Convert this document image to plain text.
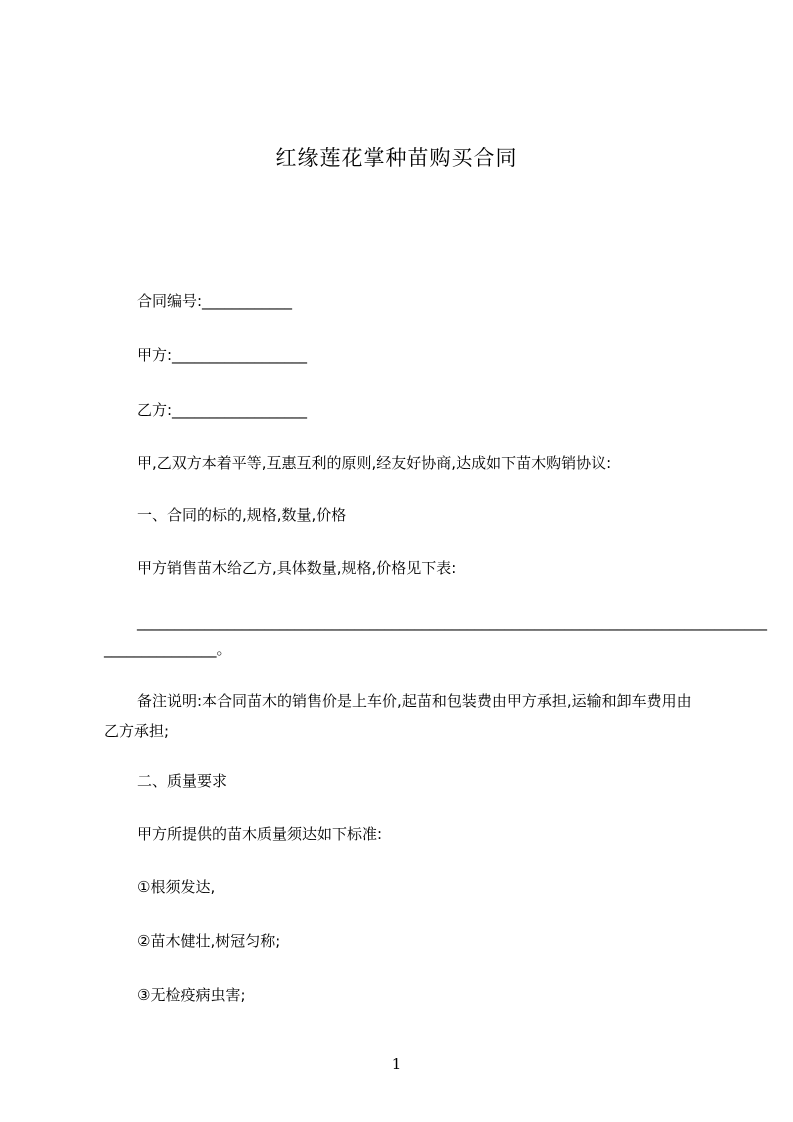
红缘莲花掌种苗购买合同
合同编号:____________
甲方:__________________
乙方:__________________
甲,乙双方本着平等,互惠互利的原则,经友好协商,达成如下苗木购销协议:
一、合同的标的,规格,数量,价格
甲方销售苗木给乙方,具体数量,规格,价格见下表:
____________________________________________________________________________________
_______________。
备注说明:本合同苗木的销售价是上车价,起苗和包装费由甲方承担,运输和卸车费用由乙方承担;
二、质量要求
甲方所提供的苗木质量须达如下标准:
①根须发达,
②苗木健壮,树冠匀称;
③无检疫病虫害;
1
